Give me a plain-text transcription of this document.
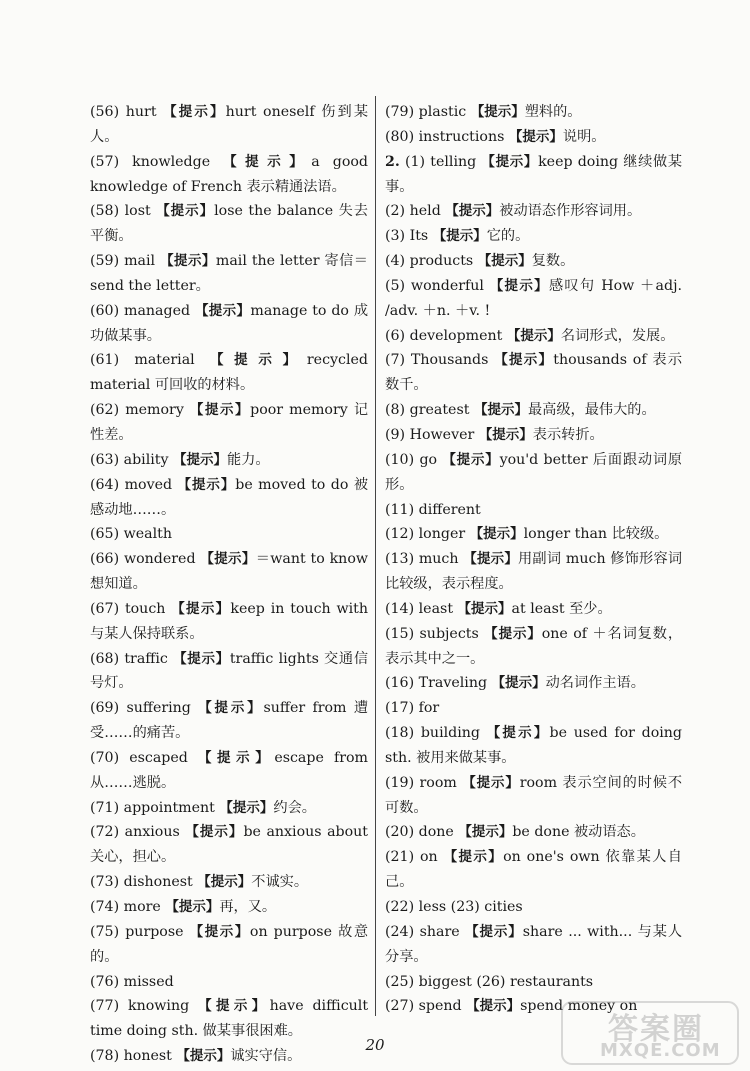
(56) hurt 【提示】hurt oneself 伤到某人。

(57) knowledge 【提示】a good knowledge of French 表示精通法语。

(58) lost 【提示】lose the balance 失去平衡。

(59) mail 【提示】mail the letter 寄信＝send the letter。

(60) managed 【提示】manage to do 成功做某事。

(61) material 【提示】recycled material 可回收的材料。

(62) memory 【提示】poor memory 记性差。

(63) ability 【提示】能力。

(64) moved 【提示】be moved to do 被感动地……。

(65) wealth

(66) wondered 【提示】＝want to know 想知道。

(67) touch 【提示】keep in touch with 与某人保持联系。

(68) traffic 【提示】traffic lights 交通信号灯。

(69) suffering 【提示】suffer from 遭受……的痛苦。

(70) escaped 【提示】escape from 从……逃脱。

(71) appointment 【提示】约会。

(72) anxious 【提示】be anxious about 关心，担心。

(73) dishonest 【提示】不诚实。

(74) more 【提示】再，又。

(75) purpose 【提示】on purpose 故意的。

(76) missed

(77) knowing 【提示】have difficult time doing sth. 做某事很困难。

(78) honest 【提示】诚实守信。

(79) plastic 【提示】塑料的。

(80) instructions 【提示】说明。

2. (1) telling 【提示】keep doing 继续做某事。

(2) held 【提示】被动语态作形容词用。

(3) Its 【提示】它的。

(4) products 【提示】复数。

(5) wonderful 【提示】感叹句 How ＋adj. /adv. ＋n. ＋v. !

(6) development 【提示】名词形式，发展。

(7) Thousands 【提示】thousands of 表示数千。

(8) greatest 【提示】最高级，最伟大的。

(9) However 【提示】表示转折。

(10) go 【提示】you'd better 后面跟动词原形。

(11) different

(12) longer 【提示】longer than 比较级。

(13) much 【提示】用副词 much 修饰形容词比较级，表示程度。

(14) least 【提示】at least 至少。

(15) subjects 【提示】one of ＋名词复数，表示其中之一。

(16) Traveling 【提示】动名词作主语。

(17) for

(18) building 【提示】be used for doing sth. 被用来做某事。

(19) room 【提示】room 表示空间的时候不可数。

(20) done 【提示】be done 被动语态。

(21) on 【提示】on one's own 依靠某人自己。

(22) less (23) cities

(24) share 【提示】share ... with... 与某人分享。

(25) biggest (26) restaurants

(27) spend 【提示】spend money on

20	答案圈
MXQE.COM
